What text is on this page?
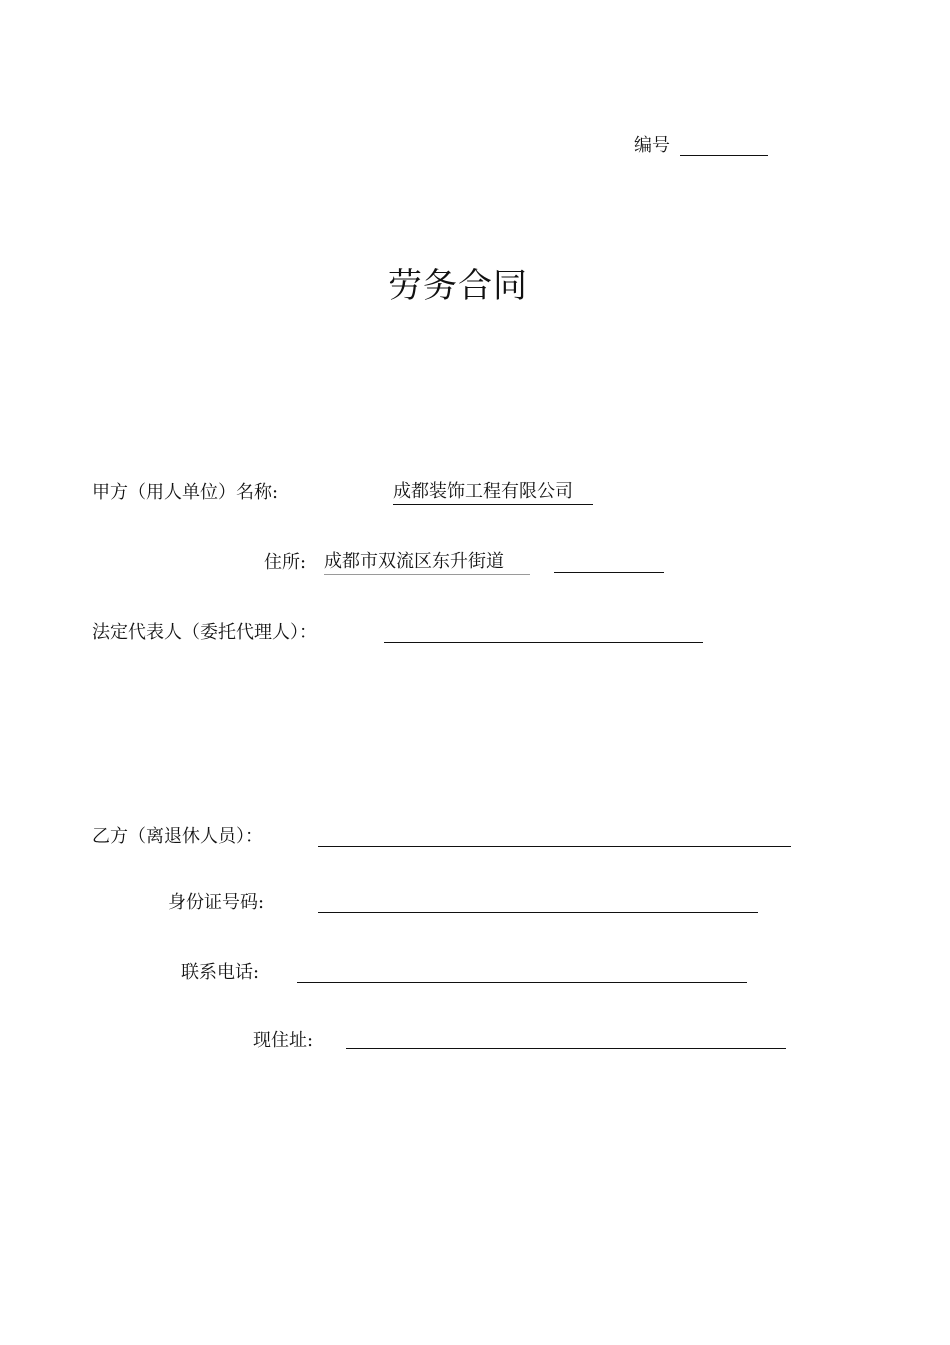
编号
劳务合同
甲方（用人单位）名称:	成都装饰工程有限公司
住所: 成都市双流区东升街道
法定代表人（委托代理人）：
乙方（离退休人员）：
身份证号码:
联系电话:
现住址:
